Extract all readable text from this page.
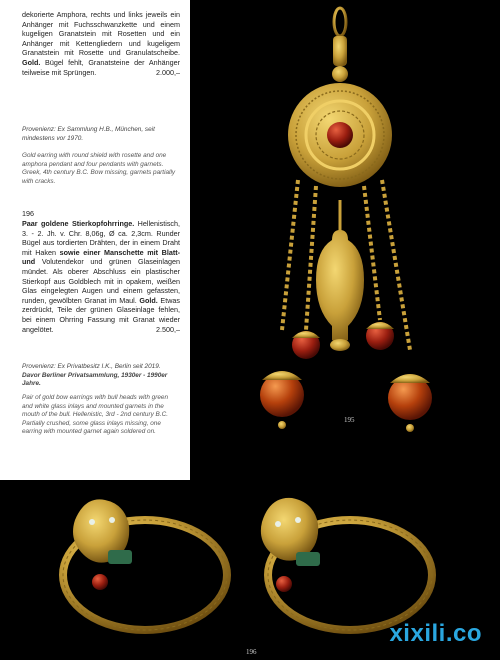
dekorierte Amphora, rechts und links jeweils ein Anhänger mit Fuchsschwanzkette und einem kugeligen Granatstein mit Rosetten und ein Anhänger mit Kettengliedern und kugeligem Granatstein mit Rosette und Granulatscheibe. Gold. Bügel fehlt, Granatsteine der Anhänger teilweise mit Sprüngen.	2.000,–

Provenienz: Ex Sammlung H.B., München, seit mindestens vor 1970.

Gold earring with round shield with rosette and one amphora pendant and four pendants with garnets. Greek, 4th century B.C. Bow missing, garnets partially with cracks.

196

Paar goldene Stierkopfohrringe. Hellenistisch, 3. - 2. Jh. v. Chr. 8,06g, Ø ca. 2,3cm. Runder Bügel aus tordierten Drähten, der in einem Draht mit Haken sowie einer Manschette mit Blatt- und Volutendekor und grünen Glaseinlagen mündet. Als oberer Abschluss ein plastischer Stierkopf aus Goldblech mit in opakem, weißen Glas eingelegten Augen und einem gefassten, runden, gewölbten Granat im Maul. Gold. Etwas zerdrückt, Teile der grünen Glaseinlage fehlen, bei einem Ohrring Fassung mit Granat wieder angelötet.	2.500,–

Provenienz: Ex Privatbesitz I.K., Berlin seit 2019. Davor Berliner Privatsammlung, 1930er - 1990er Jahre.

Pair of gold bow earrings with bull heads with green and white glass inlays and mounted garnets in the mouth of the bull. Hellenistic, 3rd - 2nd century B.C. Partially crushed, some glass inlays missing, one earring with mounted garnet again soldered on.

195
196
xixili.co
